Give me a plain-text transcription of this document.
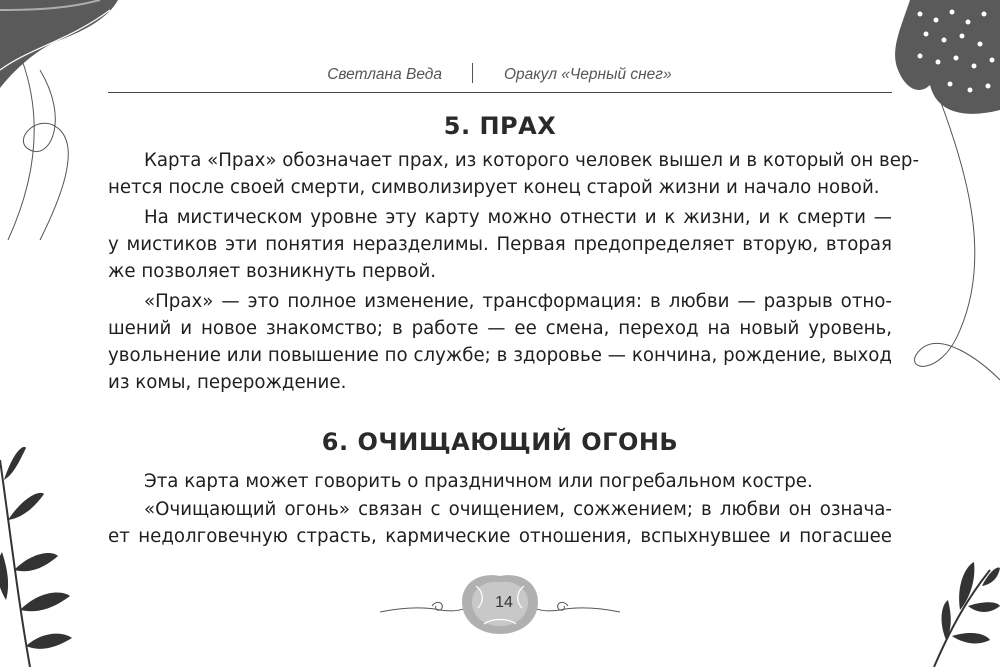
Светлана Веда	Оракул «Черный снег»
5. ПРАХ
Карта «Прах» обозначает прах, из которого человек вышел и в который он вер-
нется после своей смерти, символизирует конец старой жизни и начало новой.
На мистическом уровне эту карту можно отнести и к жизни, и к смерти —
у мистиков эти понятия неразделимы. Первая предопределяет вторую, вторая
же позволяет возникнуть первой.
«Прах» — это полное изменение, трансформация: в любви — разрыв отно-
шений и новое знакомство; в работе — ее смена, переход на новый уровень,
увольнение или повышение по службе; в здоровье — кончина, рождение, выход
из комы, перерождение.
6. ОЧИЩАЮЩИЙ ОГОНЬ
Эта карта может говорить о праздничном или погребальном костре.
«Очищающий огонь» связан с очищением, сожжением; в любви он означа-
ет недолговечную страсть, кармические отношения, вспыхнувшее и погасшее
14
